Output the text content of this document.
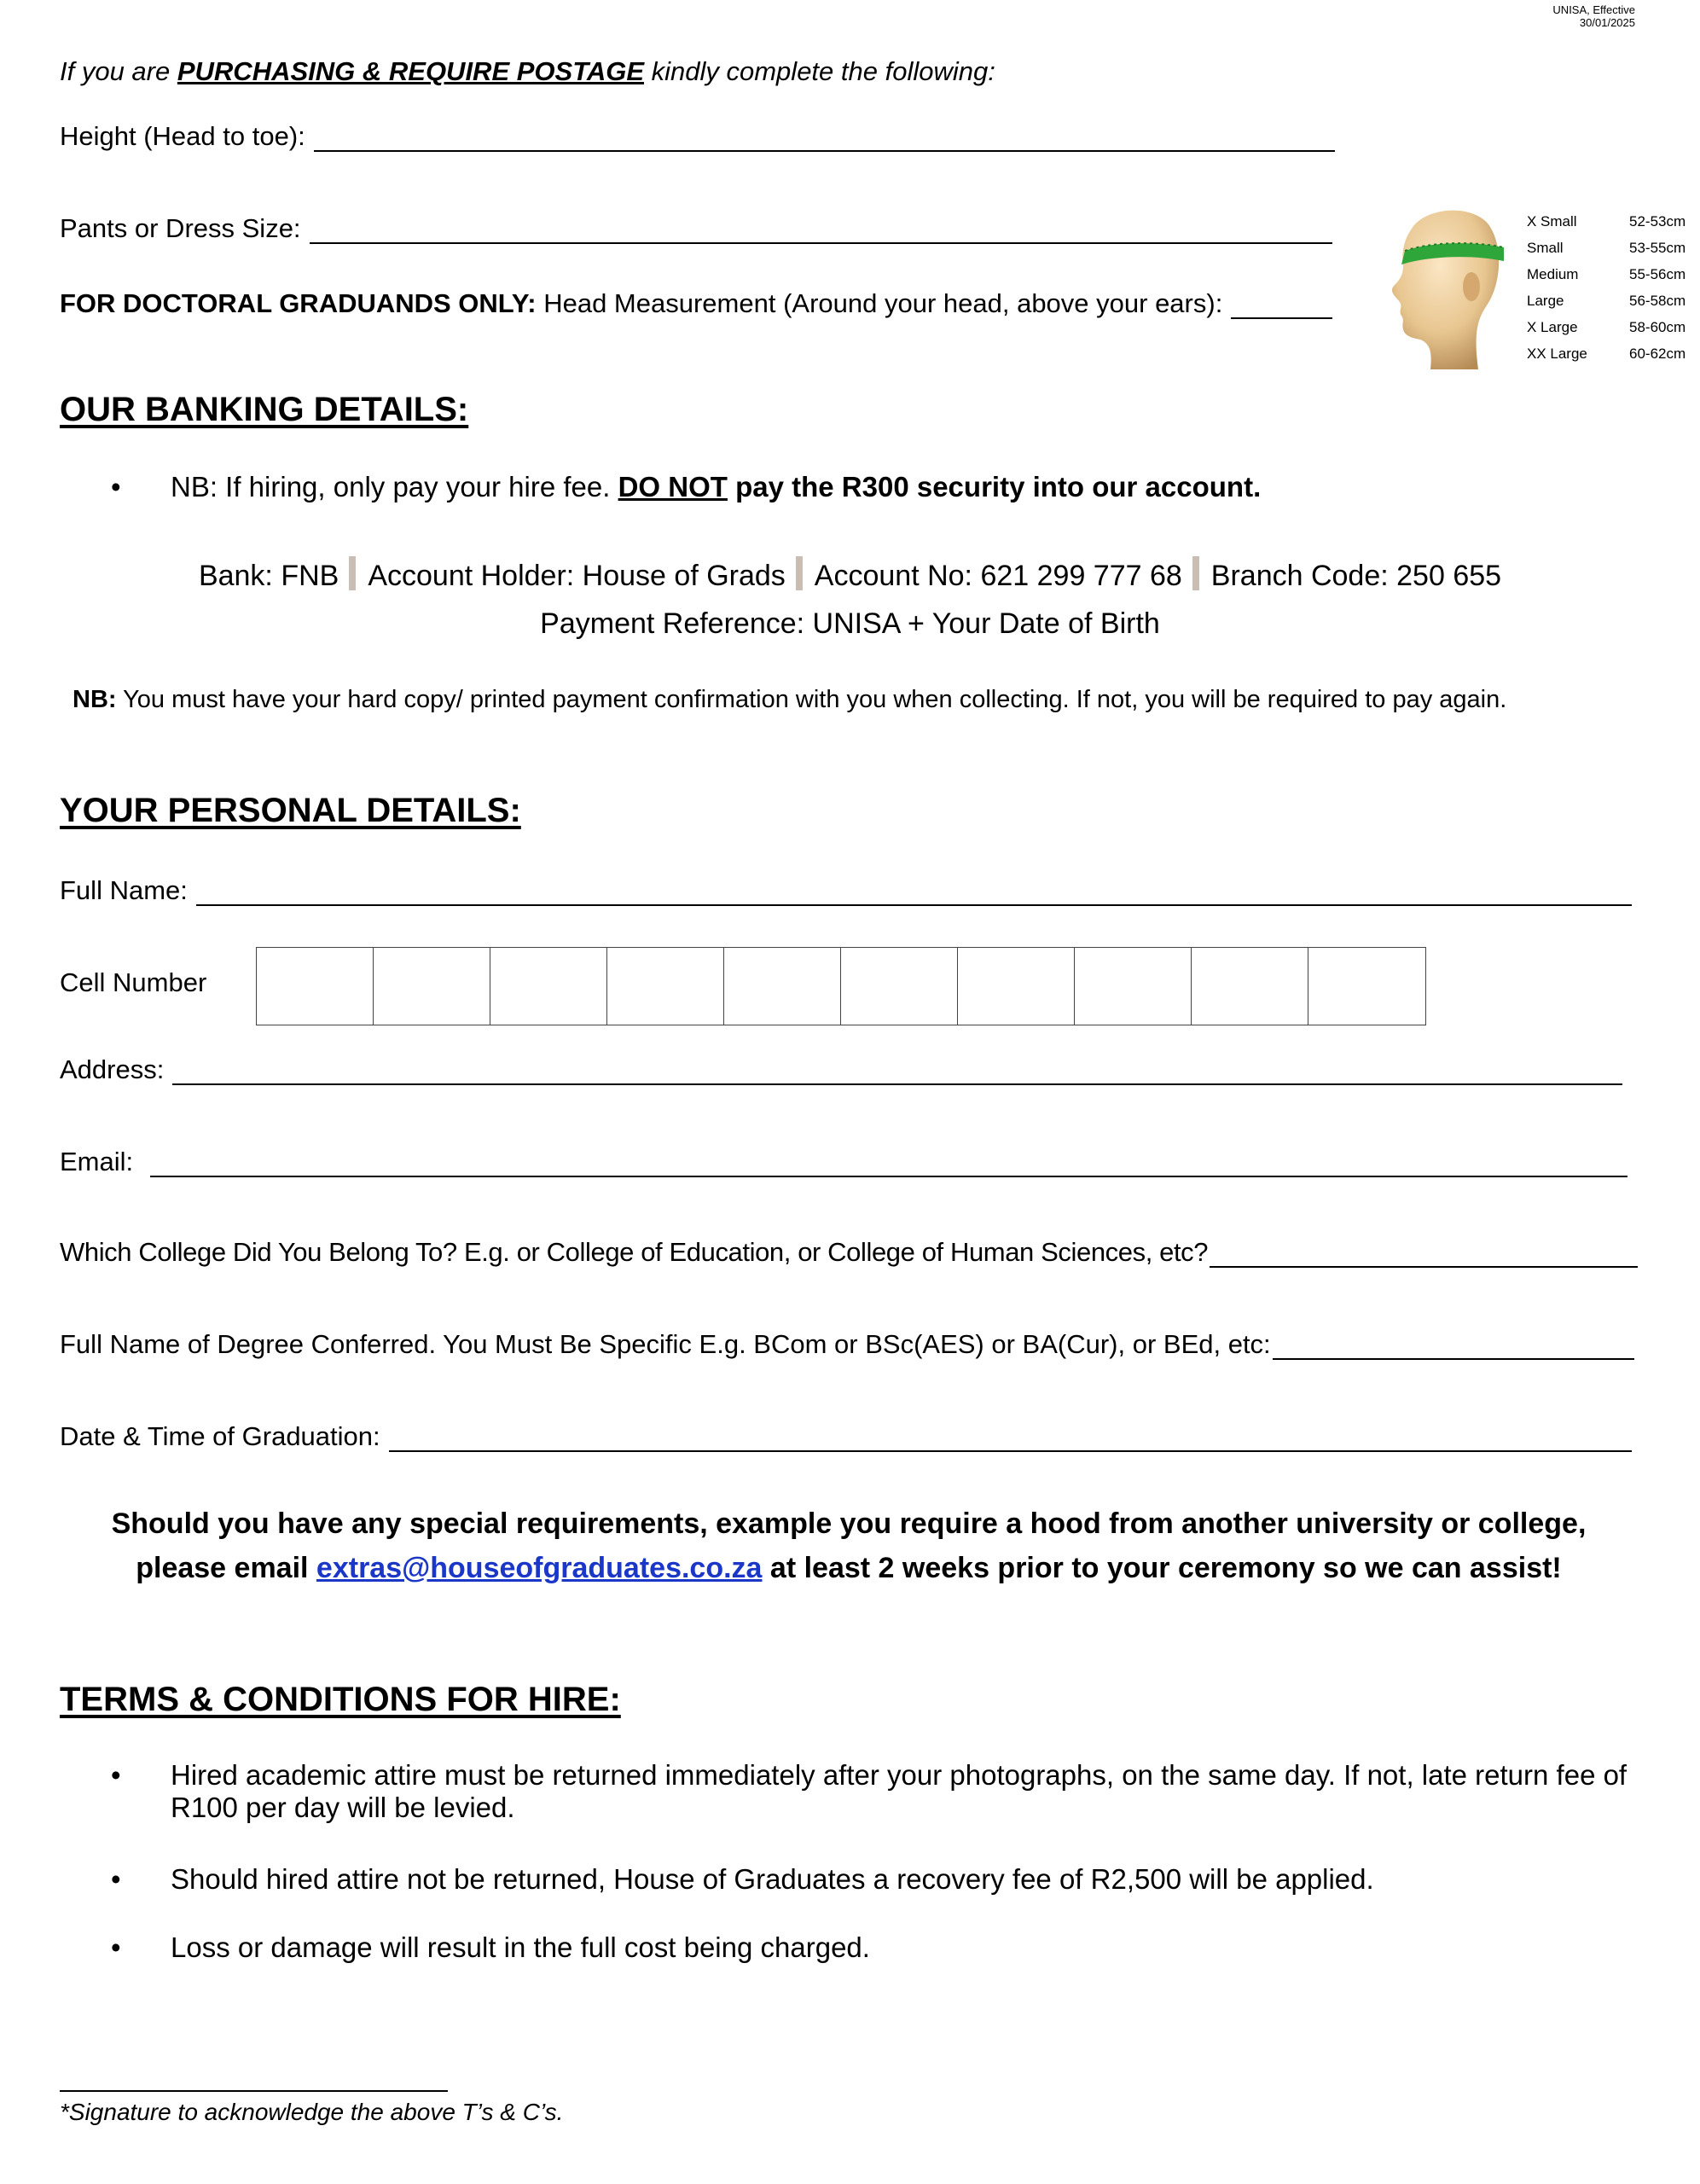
UNISA, Effective
30/01/2025
If you are PURCHASING & REQUIRE POSTAGE kindly complete the following:
Height (Head to toe):
Pants or Dress Size:
FOR DOCTORAL GRADUANDS ONLY: Head Measurement (Around your head, above your ears):
X Small	52-53cm
Small	53-55cm
Medium	55-56cm
Large	56-58cm
X Large	58-60cm
XX Large	60-62cm
OUR BANKING DETAILS:
•	NB: If hiring, only pay your hire fee. DO NOT pay the R300 security into our account.
Bank: FNB Account Holder: House of Grads Account No: 621 299 777 68 Branch Code: 250 655
Payment Reference: UNISA + Your Date of Birth
NB: You must have your hard copy/ printed payment confirmation with you when collecting. If not, you will be required to pay again.
YOUR PERSONAL DETAILS:
Full Name:
Cell Number
Address:
Email:
Which College Did You Belong To? E.g. or College of Education, or College of Human Sciences, etc?
Full Name of Degree Conferred. You Must Be Specific E.g. BCom or BSc(AES) or BA(Cur), or BEd, etc:
Date & Time of Graduation:
Should you have any special requirements, example you require a hood from another university or college,
please email extras@houseofgraduates.co.za at least 2 weeks prior to your ceremony so we can assist!
TERMS & CONDITIONS FOR HIRE:
•	Hired academic attire must be returned immediately after your photographs, on the same day. If not, late return fee of R100 per day will be levied.
•	Should hired attire not be returned, House of Graduates a recovery fee of R2,500 will be applied.
•	Loss or damage will result in the full cost being charged.
*Signature to acknowledge the above T’s & C’s.
